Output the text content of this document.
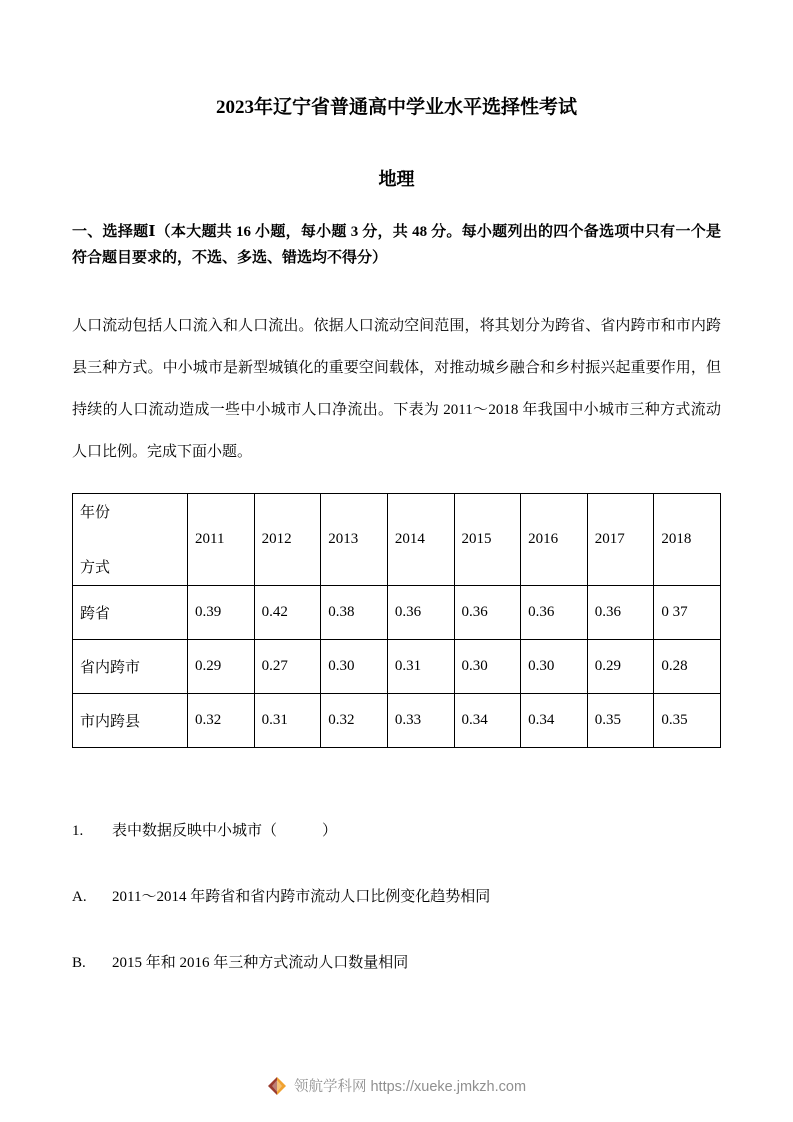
2023年辽宁省普通高中学业水平选择性考试
地理
一、选择题Ⅰ（本大题共 16 小题，每小题 3 分，共 48 分。每小题列出的四个备选项中只有一个是符合题目要求的，不选、多选、错选均不得分）
人口流动包括人口流入和人口流出。依据人口流动空间范围，将其划分为跨省、省内跨市和市内跨县三种方式。中小城市是新型城镇化的重要空间载体，对推动城乡融合和乡村振兴起重要作用，但持续的人口流动造成一些中小城市人口净流出。下表为 2011～2018 年我国中小城市三种方式流动人口比例。完成下面小题。
年份
方式	2011	2012	2013	2014	2015	2016	2017	2018
跨省	0.39	0.42	0.38	0.36	0.36	0.36	0.36	0 37
省内跨市	0.29	0.27	0.30	0.31	0.30	0.30	0.29	0.28
市内跨县	0.32	0.31	0.32	0.33	0.34	0.34	0.35	0.35
1.	表中数据反映中小城市（　　　）
A.	2011～2014 年跨省和省内跨市流动人口比例变化趋势相同
B.	2015 年和 2016 年三种方式流动人口数量相同
领航学科网 https://xueke.jmkzh.com
